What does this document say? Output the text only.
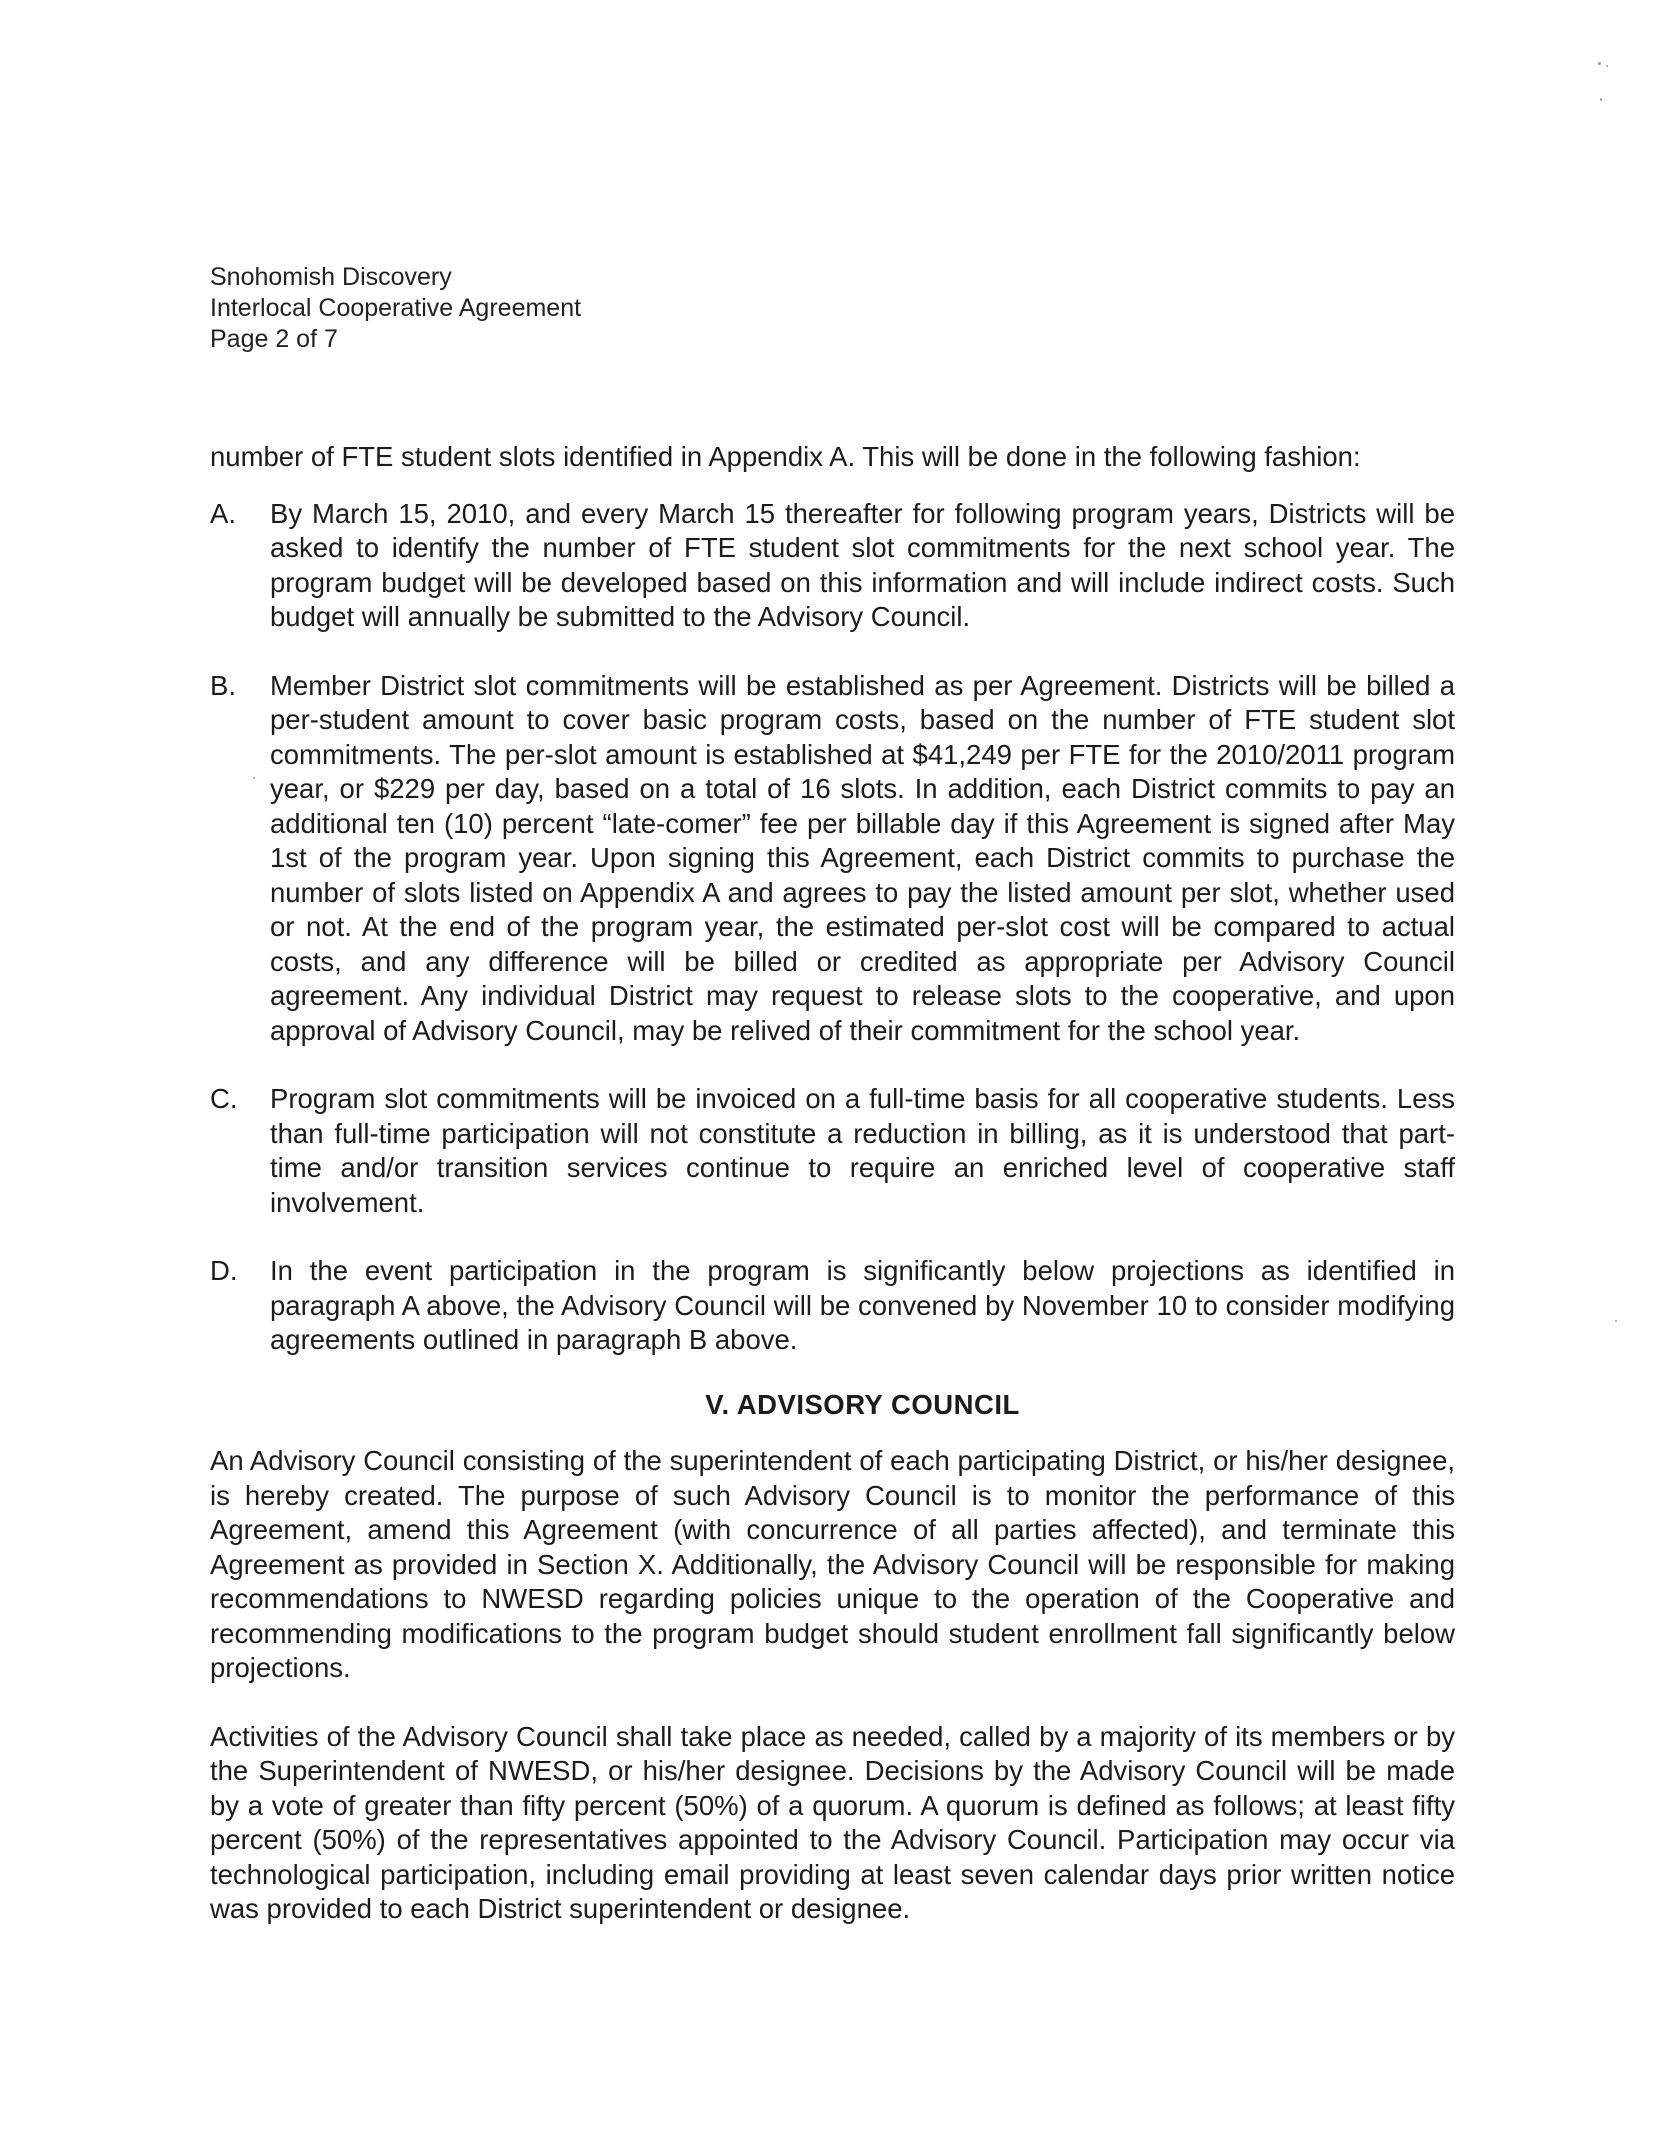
Snohomish Discovery
Interlocal Cooperative Agreement
Page 2 of 7

number of FTE student slots identified in Appendix A. This will be done in the following fashion:

A.	By March 15, 2010, and every March 15 thereafter for following program years, Districts will be asked to identify the number of FTE student slot commitments for the next school year. The program budget will be developed based on this information and will include indirect costs. Such budget will annually be submitted to the Advisory Council.
B.	Member District slot commitments will be established as per Agreement. Districts will be billed a per-student amount to cover basic program costs, based on the number of FTE student slot commitments. The per-slot amount is established at $41,249 per FTE for the 2010/2011 program year, or $229 per day, based on a total of 16 slots. In addition, each District commits to pay an additional ten (10) percent “late-comer” fee per billable day if this Agreement is signed after May 1st of the program year. Upon signing this Agreement, each District commits to purchase the number of slots listed on Appendix A and agrees to pay the listed amount per slot, whether used or not. At the end of the program year, the estimated per-slot cost will be compared to actual costs, and any difference will be billed or credited as appropriate per Advisory Council agreement. Any individual District may request to release slots to the cooperative, and upon approval of Advisory Council, may be relived of their commitment for the school year.
C.	Program slot commitments will be invoiced on a full-time basis for all cooperative students. Less than full-time participation will not constitute a reduction in billing, as it is understood that part-time and/or transition services continue to require an enriched level of cooperative staff involvement.
D.	In the event participation in the program is significantly below projections as identified in paragraph A above, the Advisory Council will be convened by November 10 to consider modifying agreements outlined in paragraph B above.
V. ADVISORY COUNCIL

An Advisory Council consisting of the superintendent of each participating District, or his/her designee, is hereby created. The purpose of such Advisory Council is to monitor the performance of this Agreement, amend this Agreement (with concurrence of all parties affected), and terminate this Agreement as provided in Section X. Additionally, the Advisory Council will be responsible for making recommendations to NWESD regarding policies unique to the operation of the Cooperative and recommending modifications to the program budget should student enrollment fall significantly below projections.

Activities of the Advisory Council shall take place as needed, called by a majority of its members or by the Superintendent of NWESD, or his/her designee. Decisions by the Advisory Council will be made by a vote of greater than fifty percent (50%) of a quorum. A quorum is defined as follows; at least fifty percent (50%) of the representatives appointed to the Advisory Council. Participation may occur via technological participation, including email providing at least seven calendar days prior written notice was provided to each District superintendent or designee.
